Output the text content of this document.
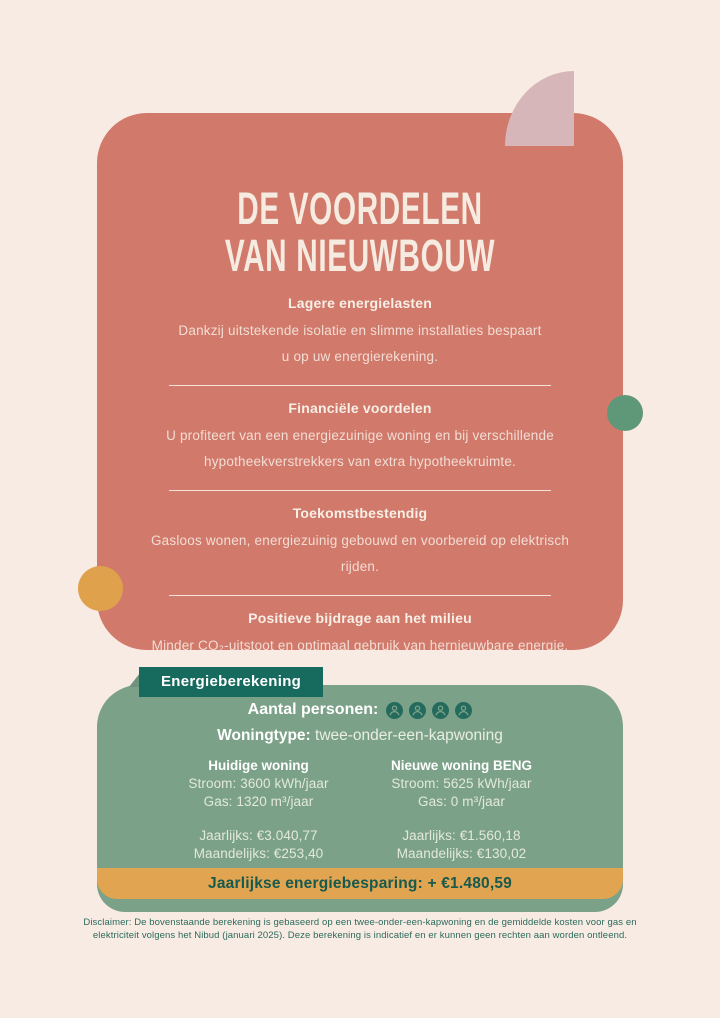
DE VOORDELEN
VAN NIEUWBOUW
Lagere energielasten
Dankzij uitstekende isolatie en slimme installaties bespaart
u op uw energierekening.
Financiële voordelen
U profiteert van een energiezuinige woning en bij verschillende
hypotheekverstrekkers van extra hypotheekruimte.
Toekomstbestendig
Gasloos wonen, energiezuinig gebouwd en voorbereid op elektrisch rijden.
Positieve bijdrage aan het milieu
Minder CO₂-uitstoot en optimaal gebruik van hernieuwbare energie.
Energieberekening
Aantal personen:
Woningtype: twee-onder-een-kapwoning
Huidige woning
Stroom: 3600 kWh/jaar
Gas: 1320 m³/jaar
Jaarlijks: €3.040,77
Maandelijks: €253,40
Nieuwe woning BENG
Stroom: 5625 kWh/jaar
Gas: 0 m³/jaar
Jaarlijks: €1.560,18
Maandelijks: €130,02
Jaarlijkse energiebesparing: + €1.480,59
Disclaimer: De bovenstaande berekening is gebaseerd op een twee-onder-een-kapwoning en de gemiddelde kosten voor gas en
elektriciteit volgens het Nibud (januari 2025). Deze berekening is indicatief en er kunnen geen rechten aan worden ontleend.
